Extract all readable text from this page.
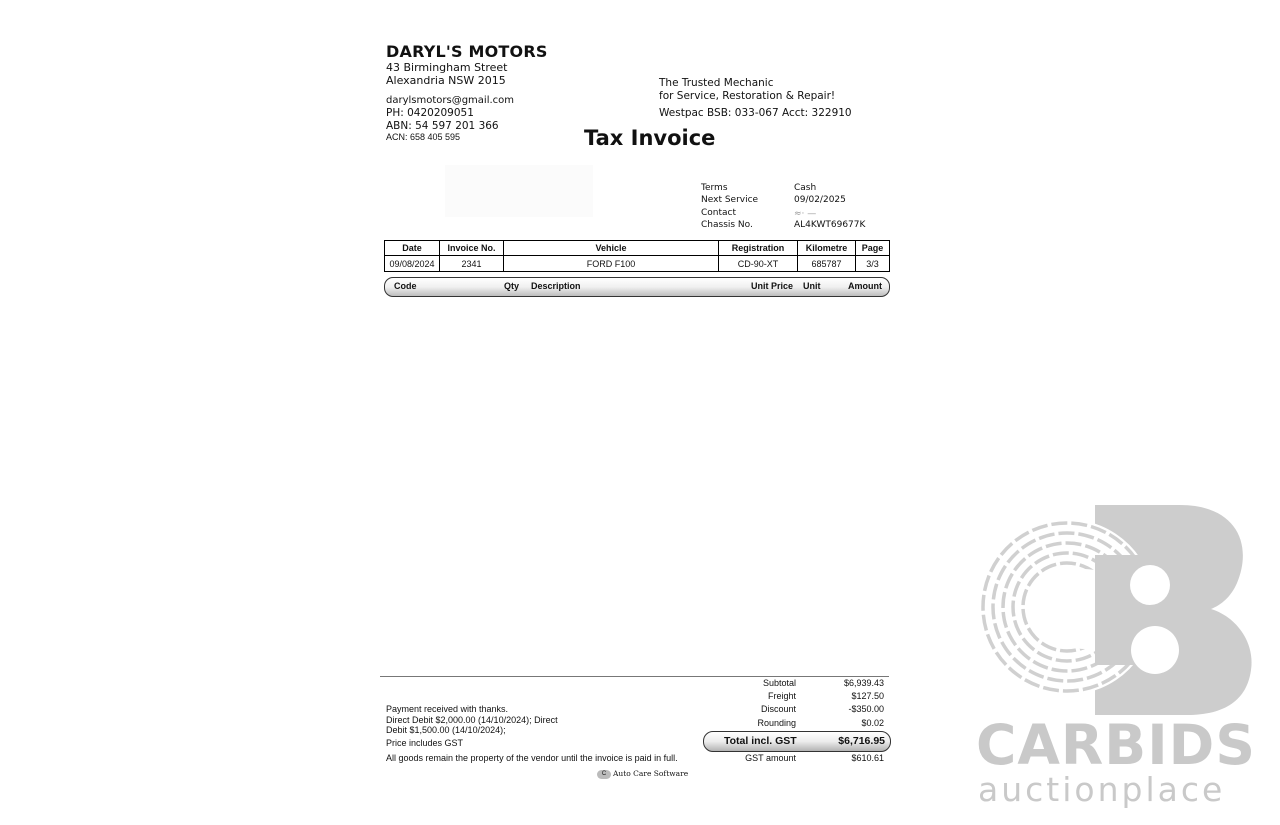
DARYL'S MOTORS
43 Birmingham Street
Alexandria NSW 2015
darylsmotors@gmail.com
PH: 0420209051
ABN: 54 597 201 366
ACN: 658 405 595
The Trusted Mechanic
for Service, Restoration & Repair!
Westpac BSB: 033-067 Acct: 322910
Tax Invoice
Terms	Cash
Next Service	09/02/2025
Contact	≈· —
Chassis No.	AL4KWT69677K
Date	Invoice No.	Vehicle	Registration	Kilometre	Page
09/08/2024	2341	FORD F100	CD-90-XT	685787	3/3
Code	Qty Description	Unit Price Unit	Amount
Subtotal	$6,939.43
Freight	$127.50
Discount	-$350.00
Rounding	$0.02
Total incl. GST	$6,716.95
GST amount	$610.61
Payment received with thanks.
Direct Debit $2,000.00 (14/10/2024); Direct
Debit $1,500.00 (14/10/2024);
Price includes GST
All goods remain the property of the vendor until the invoice is paid in full.
C Auto Care Software	CARBIDS
auctionplace
